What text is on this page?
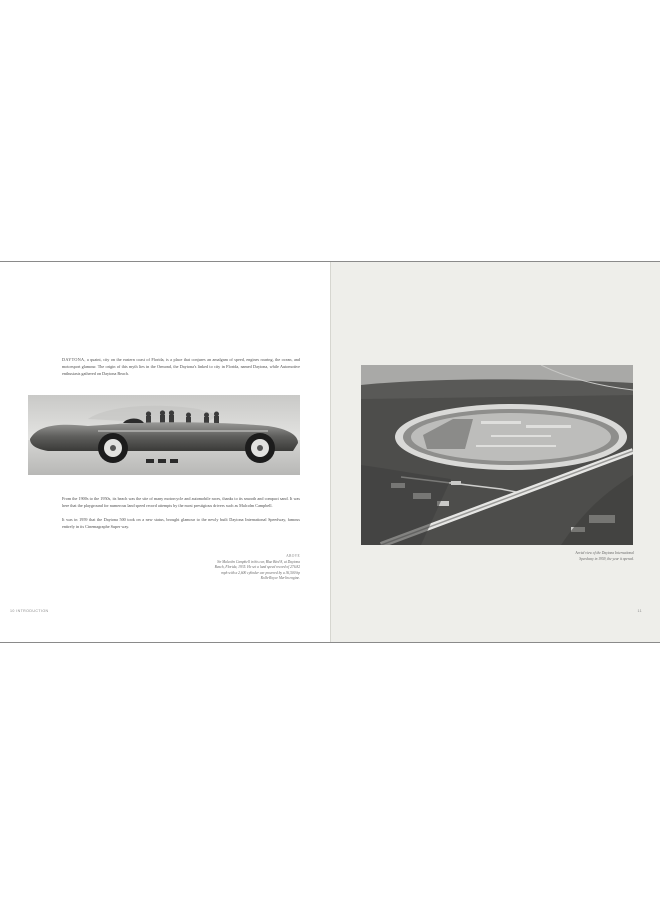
DAYTONA, a quaint, city on the eastern coast of Florida, is a place that conjures an amalgam of speed, engines roaring, the ocean, and motorsport glamour. The origin of this myth lies in the Ormond, the Daytona's linked to city in Florida, named Daytona, while Automotive enthusiasts gathered on Daytona Beach.

From the 1900s to the 1950s, its beach was the site of many motorcycle and automobile races, thanks to its smooth and compact sand. It was here that the playground for numerous land speed record attempts by the most prestigious drivers such as Malcolm Campbell.

It was in 1959 that the Daytona 500 took on a new status, brought glamour to the newly built Daytona International Speedway, famous entirely in its Cinemagraphe Super way.

ABOVE
Sir Malcolm Campbell in his car, Blue Bird 8, at Daytona Beach, Florida, 1935. He set a land speed record of 276.82 mph with a 2,600 cylinder car powered by a 36,500 hp Rolls-Royce Merlin engine.
10 INTRODUCTION
Aerial view of the Daytona International Speedway in 1959, the year it opened.
11
